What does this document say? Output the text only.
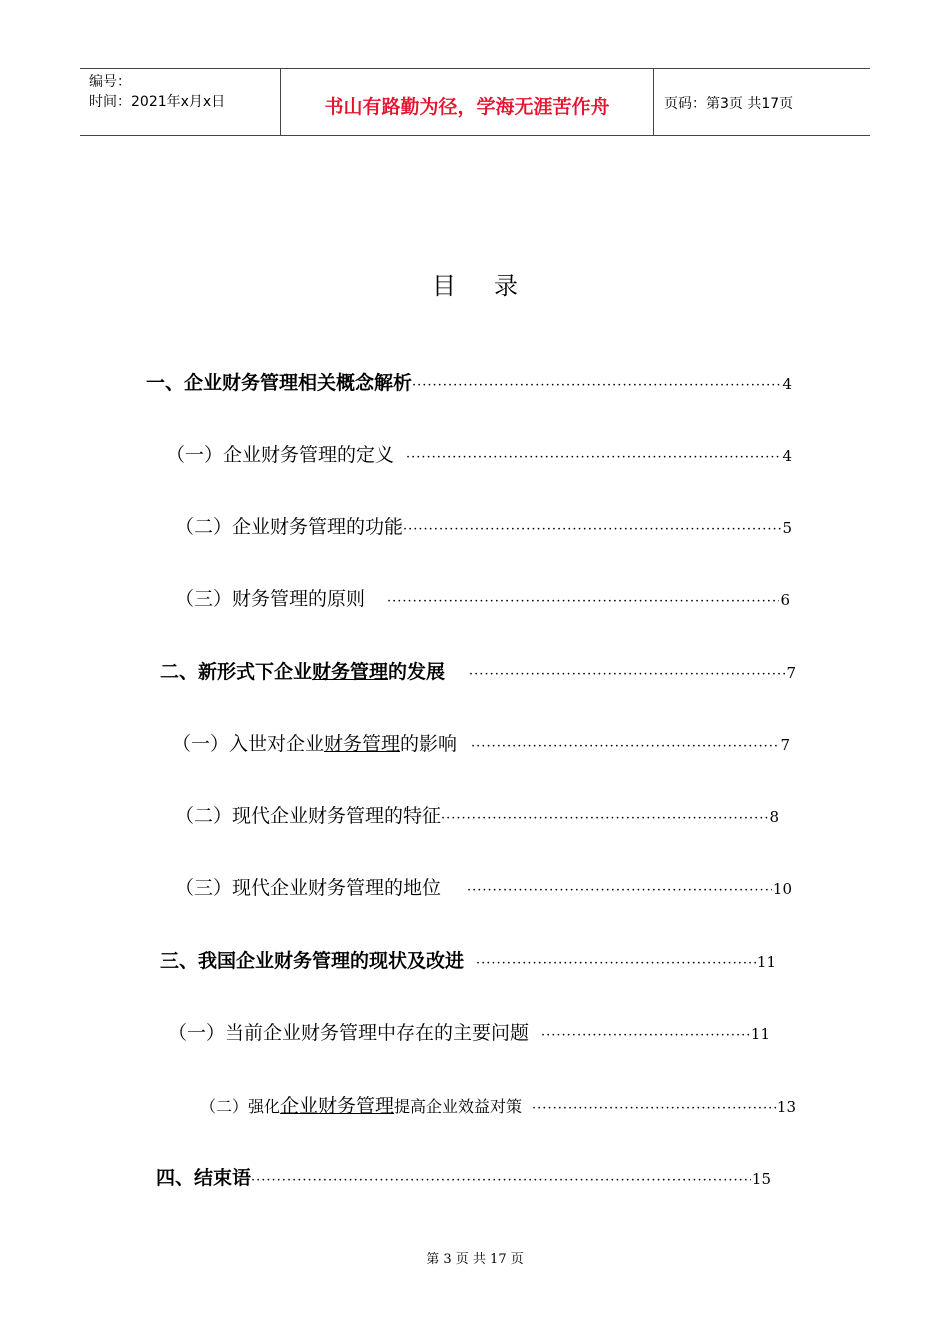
编号：
时间：2021年x月x日	书山有路勤为径，学海无涯苦作舟	页码：第3页 共17页
目录
一、企业财务管理相关概念解析 ·····	4
（一）企业财务管理的定义 ·····	4
（二）企业财务管理的功能 ·····	5
（三）财务管理的原则 ·····	6
二、新形式下企业财务管理的发展 ·····	7
（一）入世对企业财务管理的影响 ·····	7
（二）现代企业财务管理的特征 ·····	8
（三）现代企业财务管理的地位 ·····	10
三、我国企业财务管理的现状及改进 ·····	11
（一）当前企业财务管理中存在的主要问题 ·····	11
（二）强化企业财务管理提高企业效益对策 ·····	13
四、结束语 ·····	15
第 3 页 共 17 页
